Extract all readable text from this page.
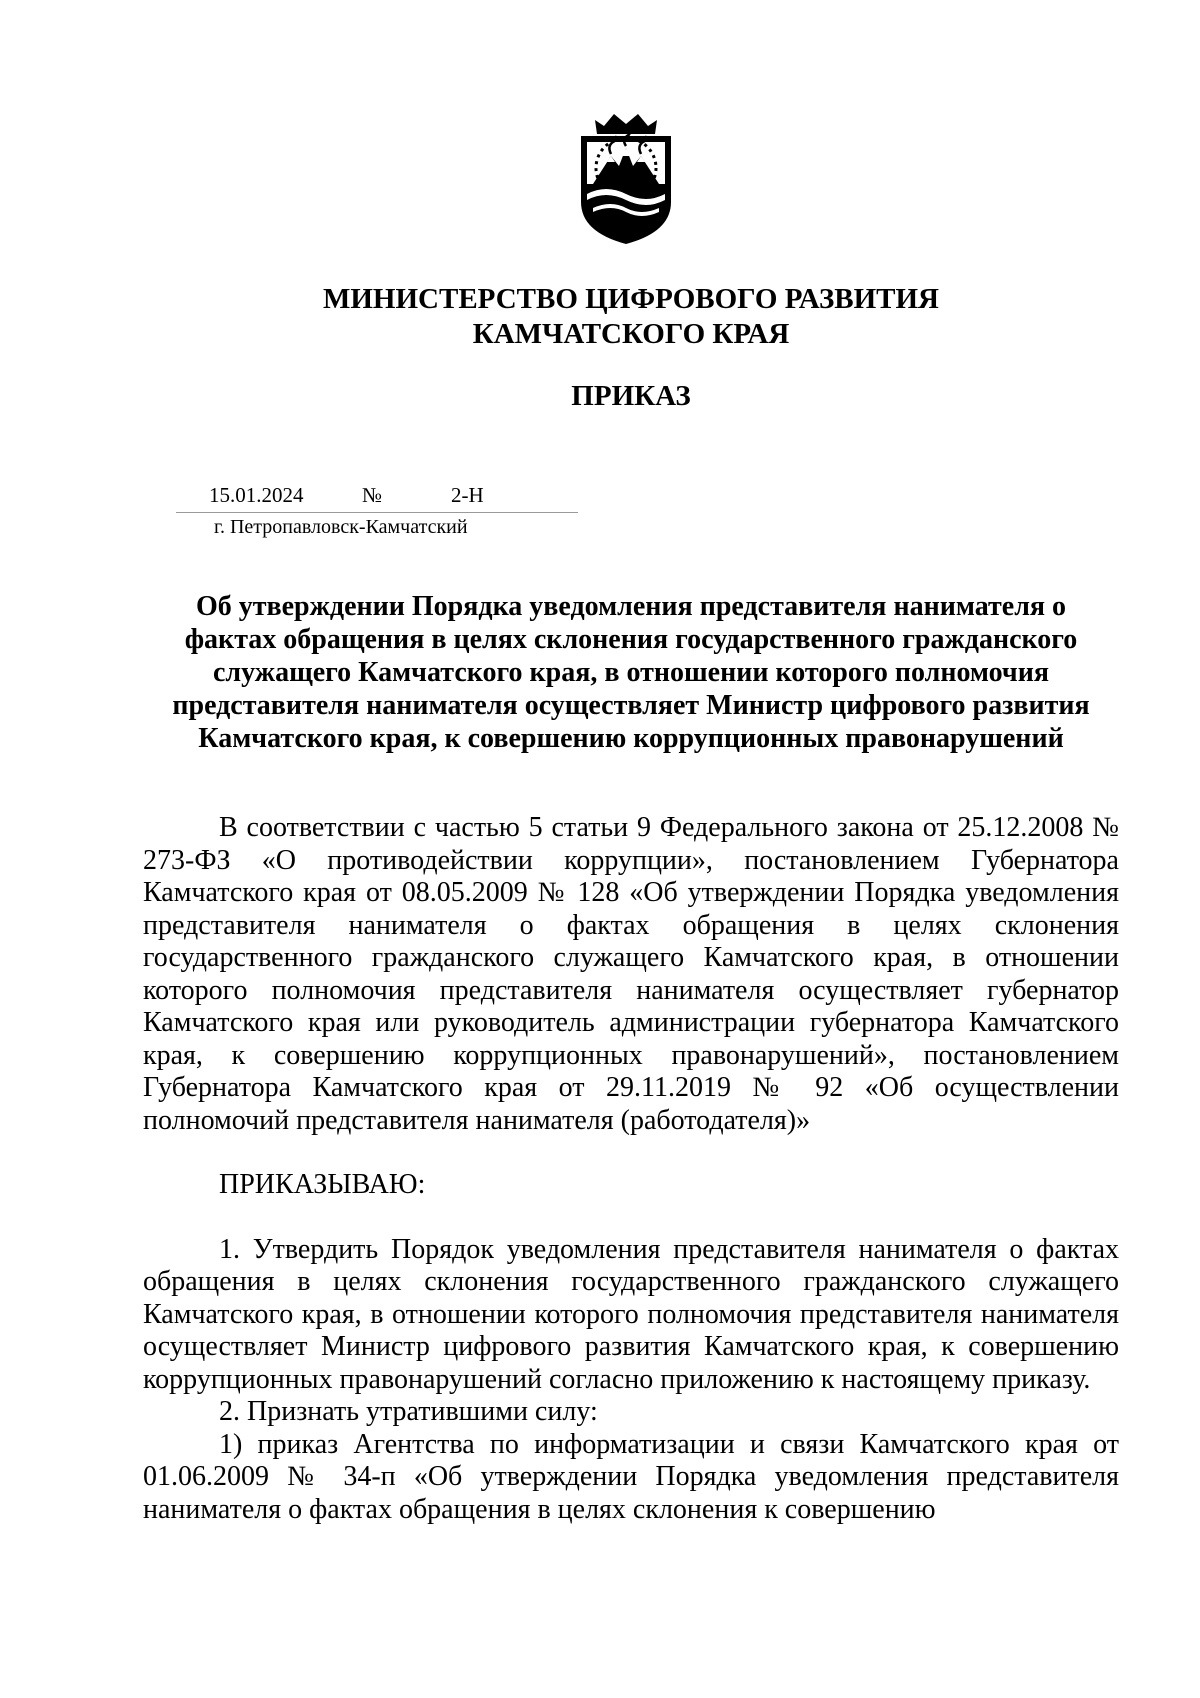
МИНИСТЕРСТВО ЦИФРОВОГО РАЗВИТИЯ
КАМЧАТСКОГО КРАЯ
ПРИКАЗ
15.01.2024	№	2-Н
г. Петропавловск-Камчатский
Об утверждении Порядка уведомления представителя нанимателя о
фактах обращения в целях склонения государственного гражданского
служащего Камчатского края, в отношении которого полномочия
представителя нанимателя осуществляет Министр цифрового развития
Камчатского края, к совершению коррупционных правонарушений

В соответствии с частью 5 статьи 9 Федерального закона от 25.12.2008 № 273-ФЗ «О противодействии коррупции», постановлением Губернатора Камчатского края от 08.05.2009 № 128 «Об утверждении Порядка уведомления представителя нанимателя о фактах обращения в целях склонения государственного гражданского служащего Камчатского края, в отношении которого полномочия представителя нанимателя осуществляет губернатор Камчатского края или руководитель администрации губернатора Камчатского края, к совершению коррупционных правонарушений», постановлением Губернатора Камчатского края от 29.11.2019 № 92 «Об осуществлении полномочий представителя нанимателя (работодателя)»

ПРИКАЗЫВАЮ:

1. Утвердить Порядок уведомления представителя нанимателя о фактах обращения в целях склонения государственного гражданского служащего Камчатского края, в отношении которого полномочия представителя нанимателя осуществляет Министр цифрового развития Камчатского края, к совершению коррупционных правонарушений согласно приложению к настоящему приказу.

2. Признать утратившими силу:

1) приказ Агентства по информатизации и связи Камчатского края от 01.06.2009 № 34-п «Об утверждении Порядка уведомления представителя нанимателя о фактах обращения в целях склонения к совершению
